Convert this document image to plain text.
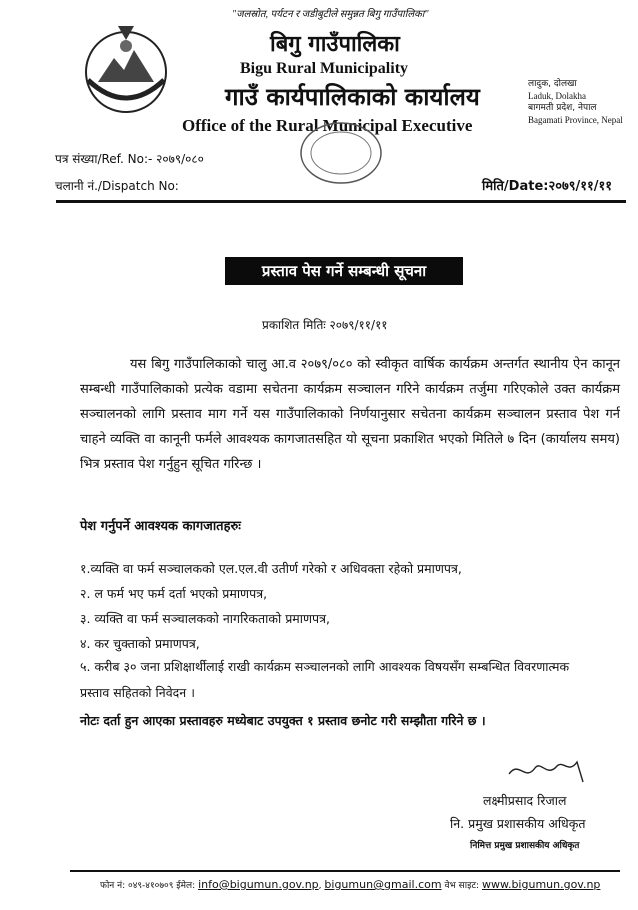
"जलस्रोत, पर्यटन र जडीबुटीले समुन्नत बिगु गाउँपालिका"
बिगु गाउँपालिका
Bigu Rural Municipality
गाउँ कार्यपालिकाको कार्यालय
Office of the Rural Municipal Executive
लादुक, दोलखा
Laduk, Dolakha
बागमती प्रदेश, नेपाल
Bagamati Province, Nepal
पत्र संख्या/Ref. No:- २०७९/०८०
चलानी नं./Dispatch No:	मिति/Date:२०७९/११/११
प्रस्ताव पेस गर्ने सम्बन्धी सूचना
प्रकाशित मितिः २०७९/११/११
यस बिगु गाउँपालिकाको चालु आ.व २०७९/०८० को स्वीकृत वार्षिक कार्यक्रम अन्तर्गत स्थानीय ऐन कानून सम्बन्धी गाउँपालिकाको प्रत्येक वडामा सचेतना कार्यक्रम सञ्चालन गरिने कार्यक्रम तर्जुमा गरिएकोले उक्त कार्यक्रम सञ्चालनको लागि प्रस्ताव माग गर्ने यस गाउँपालिकाको निर्णयानुसार सचेतना कार्यक्रम सञ्चालन प्रस्ताव पेश गर्न चाहने व्यक्ति वा कानूनी फर्मले आवश्यक कागजातसहित यो सूचना प्रकाशित भएको मितिले ७ दिन (कार्यालय समय) भित्र प्रस्ताव पेश गर्नुहुन सूचित गरिन्छ ।
पेश गर्नुपर्ने आवश्यक कागजातहरुः
१.व्यक्ति वा फर्म सञ्चालकको एल.एल.वी उतीर्ण गरेको र अधिवक्ता रहेको प्रमाणपत्र,
२. ल फर्म भए फर्म दर्ता भएको प्रमाणपत्र,
३. व्यक्ति वा फर्म सञ्चालकको नागरिकताको प्रमाणपत्र,
४. कर चुक्ताको प्रमाणपत्र,
५. करीब ३० जना प्रशिक्षार्थीलाई राखी कार्यक्रम सञ्चालनको लागि आवश्यक विषयसँग सम्बन्धित विवरणात्मक प्रस्ताव सहितको निवेदन ।
नोटः दर्ता हुन आएका प्रस्तावहरु मध्येबाट उपयुक्त १ प्रस्ताव छनोट गरी सम्झौता गरिने छ ।
लक्ष्मीप्रसाद रिजाल
नि. प्रमुख प्रशासकीय अधिकृत
निमित्त प्रमुख प्रशासकीय अधिकृत
फोन नं: ०४९-४१०७०९ ईमेल: info@bigumun.gov.np, bigumun@gmail.com वेभ साइट: www.bigumun.gov.np
